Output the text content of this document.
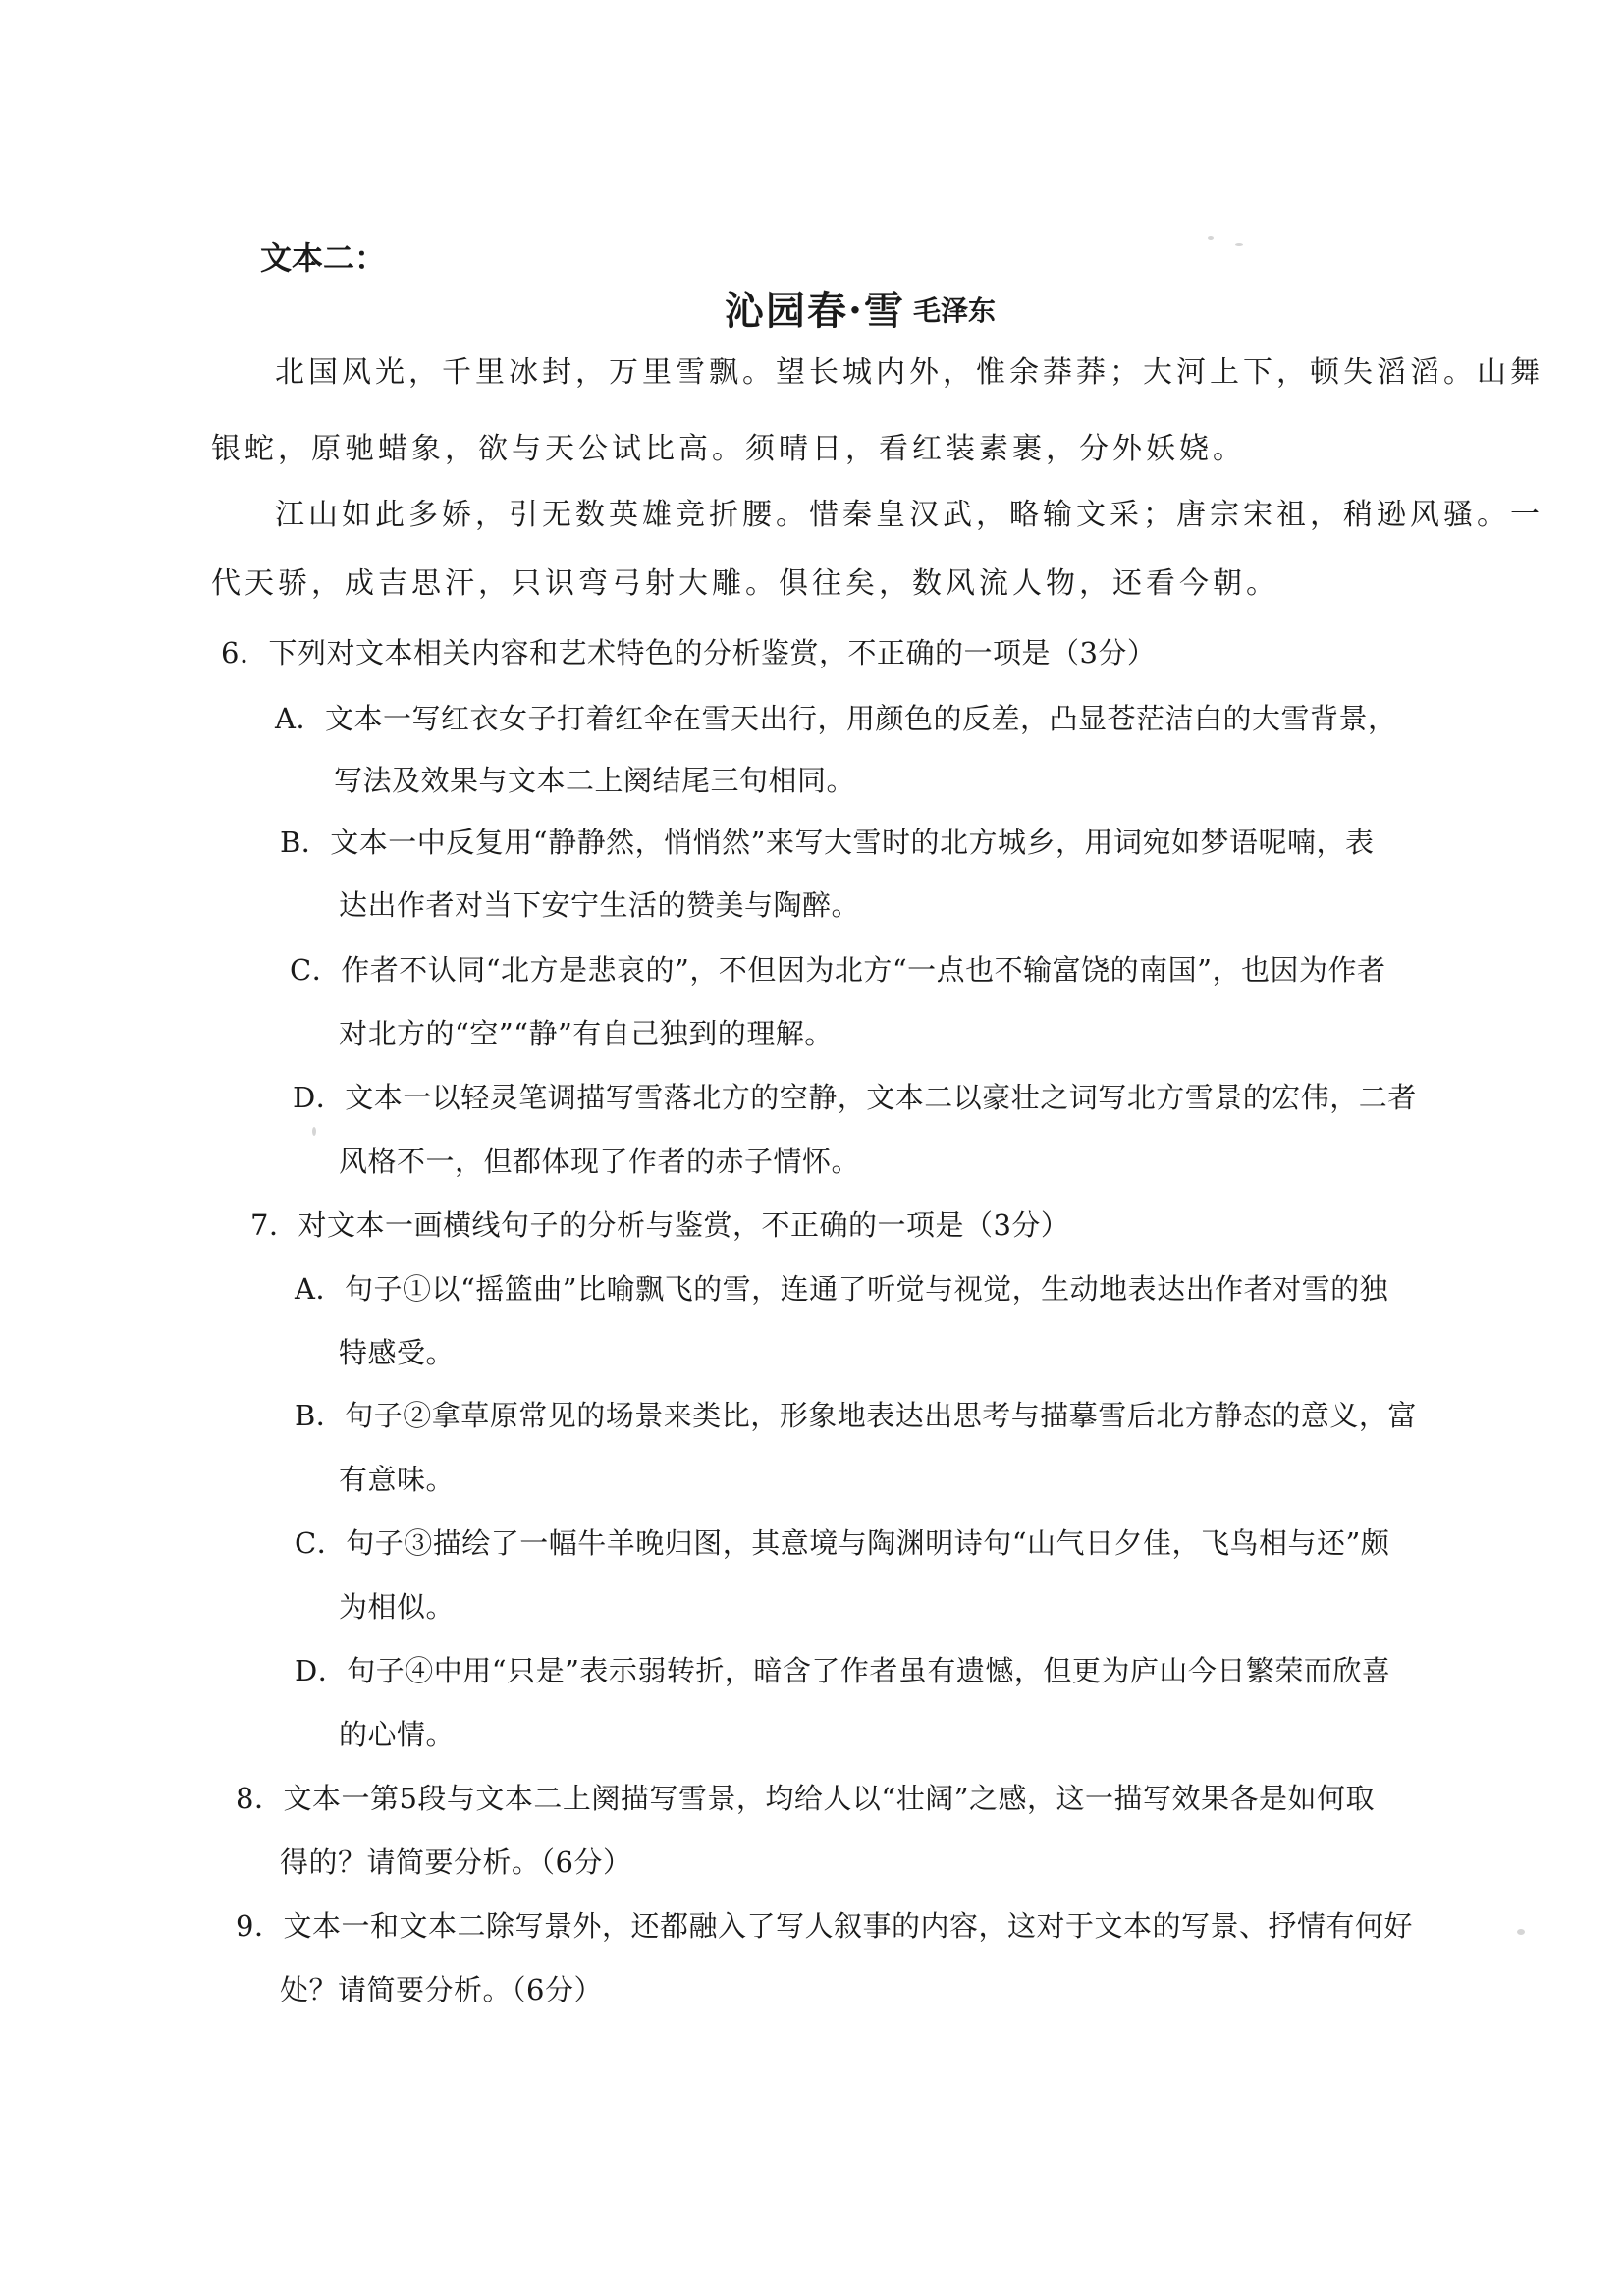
文本二：
沁园春·雪 毛泽东
北国风光，千里冰封，万里雪飘。望长城内外，惟余莽莽；大河上下，顿失滔滔。山舞
银蛇，原驰蜡象，欲与天公试比高。须晴日，看红装素裹，分外妖娆。
江山如此多娇，引无数英雄竞折腰。惜秦皇汉武，略输文采；唐宗宋祖，稍逊风骚。一
代天骄，成吉思汗，只识弯弓射大雕。俱往矣，数风流人物，还看今朝。
6．下列对文本相关内容和艺术特色的分析鉴赏，不正确的一项是（3分）
A．文本一写红衣女子打着红伞在雪天出行，用颜色的反差，凸显苍茫洁白的大雪背景，
写法及效果与文本二上阕结尾三句相同。
B．文本一中反复用“静静然，悄悄然”来写大雪时的北方城乡，用词宛如梦语呢喃，表
达出作者对当下安宁生活的赞美与陶醉。
C．作者不认同“北方是悲哀的”，不但因为北方“一点也不输富饶的南国”，也因为作者
对北方的“空”“静”有自己独到的理解。
D．文本一以轻灵笔调描写雪落北方的空静，文本二以豪壮之词写北方雪景的宏伟，二者
风格不一，但都体现了作者的赤子情怀。
7．对文本一画横线句子的分析与鉴赏，不正确的一项是（3分）
A．句子①以“摇篮曲”比喻飘飞的雪，连通了听觉与视觉，生动地表达出作者对雪的独
特感受。
B．句子②拿草原常见的场景来类比，形象地表达出思考与描摹雪后北方静态的意义，富
有意味。
C．句子③描绘了一幅牛羊晚归图，其意境与陶渊明诗句“山气日夕佳，飞鸟相与还”颇
为相似。
D．句子④中用“只是”表示弱转折，暗含了作者虽有遗憾，但更为庐山今日繁荣而欣喜
的心情。
8．文本一第5段与文本二上阕描写雪景，均给人以“壮阔”之感，这一描写效果各是如何取
得的？请简要分析。（6分）
9．文本一和文本二除写景外，还都融入了写人叙事的内容，这对于文本的写景、抒情有何好
处？请简要分析。（6分）
